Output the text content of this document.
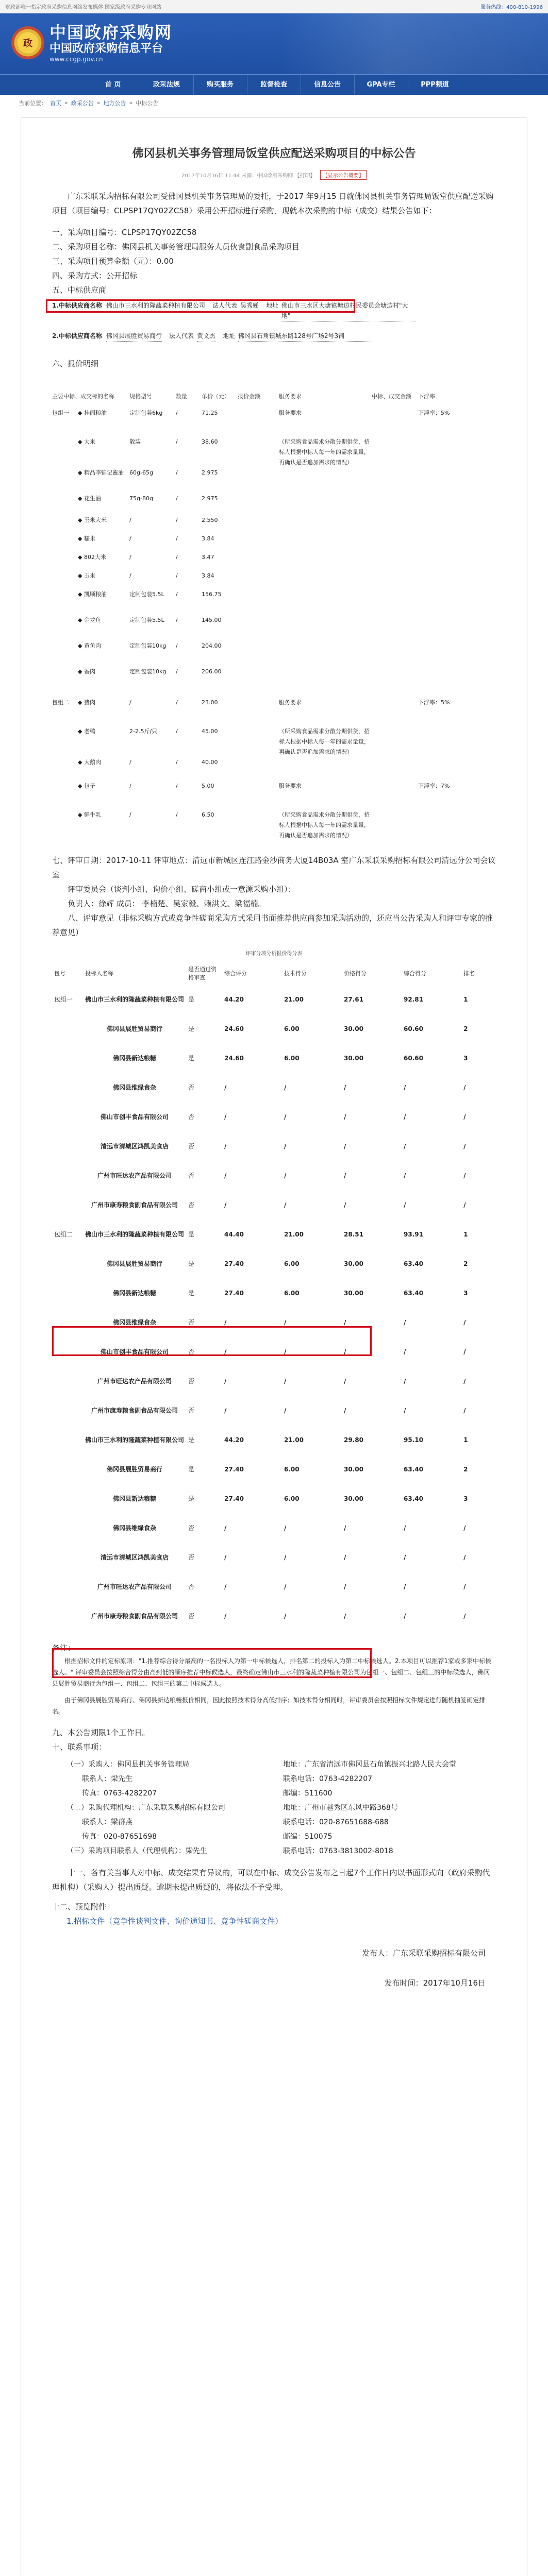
财政部唯一指定政府采购信息网络发布媒体 国家级政府采购专业网站	服务热线：400-810-1996
政
中国政府采购网
中国政府采购信息平台
www.ccgp.gov.cn
首 页	政采法规	购买服务	监督检查	信息公告	GPA专栏	PPP频道
当前位置： 首页 » 政采公告 » 地方公告 » 中标公告
佛冈县机关事务管理局饭堂供应配送采购项目的中标公告
2017年10月16日 11:44 来源：中国政府采购网 【打印】 【显示公告概要】
广东采联采购招标有限公司受佛冈县机关事务管理局的委托，于2017 年9月15 日就佛冈县机关事务管理局饭堂供应配送采购项目（项目编号：CLPSP17QY02ZC58）采用公开招标进行采购，现就本次采购的中标（成交）结果公告如下：
一、采购项目编号：CLPSP17QY02ZC58
二、采购项目名称：佛冈县机关事务管理局服务人员伙食副食品采购项目
三、采购项目预算金额（元）：0.00
四、采购方式：公开招标
五、中标供应商
1.中标供应商名称 佛山市三水利的隆蔬菜种植有限公司 法人代表 吴秀娣 地址 佛山市三水区大塘镇塘边村民委员会塘边村"大地"
2.中标供应商名称 佛冈县展胜贸易商行 法人代表 黄文杰 地址 佛冈县石角镇城东路128号广场2号3铺
六、报价明细
主要中标、成交标的名称	规格型号	数量	单价（元）	报价金额	服务要求	中标、成交金额	下浮率
包组一	◆ 挂面粮油	定制包装6kg	/	71.25	服务要求	下浮率：5%
◆ 大米	散装	/	38.60	（所采购食品需求分散分期供货，招标人根据中标人每一年的需求量量，再确认是否追加需求的情况）
◆ 精品李锦记酱油	60g-65g	/	2.975
◆ 花生油	75g-80g	/	2.975
◆ 玉米大米	/	/	2.550
◆ 糯米	/	/	3.84
◆ 802大米	/	/	3.47
◆ 玉米	/	/	3.84
◆ 凯顺粮油	定制包装5.5L	/	156.75
◆ 金龙鱼	定制包装5.5L	/	145.00
◆ 黄鱼肉	定制包装10kg	/	204.00
◆ 香肉	定制包装10kg	/	206.00
包组二	◆ 猪肉	/	/	23.00	服务要求	下浮率：5%
◆ 老鸭	2-2.5斤/只	/	45.00	（所采购食品需求分散分期供货，招标人根据中标人每一年的需求量量，再确认是否追加需求的情况）
◆ 大鹅肉	/	/	40.00
◆ 包子	/	/	5.00	服务要求	下浮率：7%
◆ 鲜牛乳	/	/	6.50	（所采购食品需求分散分期供货，招标人根据中标人每一年的需求量量，再确认是否追加需求的情况）
七、评审日期：2017-10-11 评审地点：清远市新城区连江路金沙商务大厦14B03A 室广东采联采购招标有限公司清远分公司会议室
评审委员会（谈判小组、询价小组、磋商小组或一意源采购小组）：
负责人：徐辉 成员： 李楠楚、吴家毅、赖洪文、梁福楠。
八、评审意见（非标采购方式或竞争性磋商采购方式采用书面推荐供应商参加采购活动的，还应当公告采购人和评审专家的推荐意见）
评审分项分析报价得分表
包号	投标人名称	是否通过资格审查	综合评分	技术得分	价格得分	综合得分	排名
包组一	佛山市三水利的隆蔬菜种植有限公司	是	44.20	21.00	27.61	92.81	1
	佛冈县展胜贸易商行	是	24.60	6.00	30.00	60.60	2
	佛冈县新达粮糖	是	24.60	6.00	30.00	60.60	3
	佛冈县维绿食杂	否	/	/	/	/	/
	佛山市创丰食品有限公司	否	/	/	/	/	/
	清远市清城区鸿凯美食店	否	/	/	/	/	/
	广州市旺达农产品有限公司	否	/	/	/	/	/
	广州市康寿粮食副食品有限公司	否	/	/	/	/	/
包组二	佛山市三水利的隆蔬菜种植有限公司	是	44.40	21.00	28.51	93.91	1
	佛冈县展胜贸易商行	是	27.40	6.00	30.00	63.40	2
	佛冈县新达粮糖	是	27.40	6.00	30.00	63.40	3
	佛冈县维绿食杂	否	/	/	/	/	/
	佛山市创丰食品有限公司	否	/	/	/	/	/
	广州市旺达农产品有限公司	否	/	/	/	/	/
	广州市康寿粮食副食品有限公司	否	/	/	/	/	/
	佛山市三水利的隆蔬菜种植有限公司	是	44.20	21.00	29.80	95.10	1
	佛冈县展胜贸易商行	是	27.40	6.00	30.00	63.40	2
	佛冈县新达粮糖	是	27.40	6.00	30.00	63.40	3
	佛冈县维绿食杂	否	/	/	/	/	/
	清远市清城区鸿凯美食店	否	/	/	/	/	/
	广州市旺达农产品有限公司	否	/	/	/	/	/
	广州市康寿粮食副食品有限公司	否	/	/	/	/	/
备注：
根据招标文件的定标原则："1.推荐综合得分最高的一名投标人为第一中标候选人，排名第二的投标人为第二中标候选人。2.本项目可以推荐1家或多家中标候选人。" 评审委员会按照综合得分由高到低的顺序推荐中标候选人，最终确定佛山市三水利的隆蔬菜种植有限公司为包组一、包组二、包组三的中标候选人，佛冈县展胜贸易商行为包组一、包组二、包组三的第二中标候选人。
由于佛冈县展胜贸易商行、佛冈县新达粮糖报价相同，因此按照技术得分高低排序；如技术得分相同时，评审委员会按照招标文件规定进行随机抽签确定排名。
九、本公告期限1个工作日。
十、联系事项：
（一）采购人：佛冈县机关事务管理局	地址：广东省清远市佛冈县石角镇振兴北路人民大会堂
联系人：梁先生	联系电话：0763-4282207
传真：0763-4282207	邮编：511600
（二）采购代理机构：广东采联采购招标有限公司	地址：广州市越秀区东风中路368号
联系人：梁群燕	联系电话：020-87651688-688
传真：020-87651698	邮编：510075
（三）采购项目联系人（代理机构）：梁先生	联系电话：0763-3813002-8018
十一、各有关当事人对中标、成交结果有异议的，可以在中标、成交公告发布之日起7个工作日内以书面形式向（政府采购代理机构）（采购人）提出质疑。逾期未提出质疑的，将依法不予受理。
十二、预览附件
1.招标文件（竞争性谈判文件、询价通知书、竞争性磋商文件）
发布人：广东采联采购招标有限公司
发布时间：2017年10月16日
